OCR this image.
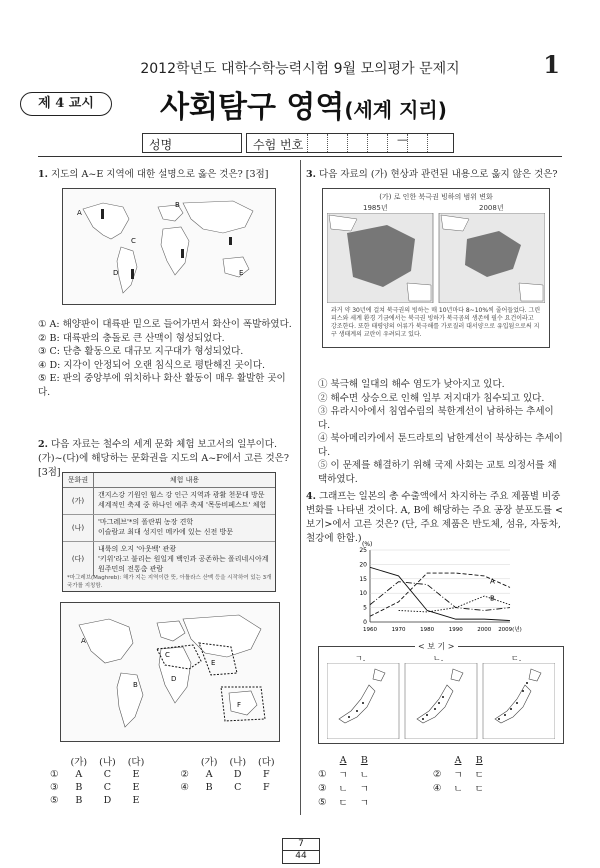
2012학년도 대학수학능력시험 9월 모의평가 문제지	1
제 4 교시	사회탐구 영역(세계 지리)
성명	수험 번호	—
1. 지도의 A~E 지역에 대한 설명으로 옳은 것은? [3점]
A
B
C
D	E
① A: 해양판이 대륙판 밑으로 들어가면서 화산이 폭발하였다.
② B: 대륙판의 충돌로 큰 산맥이 형성되었다.
③ C: 단층 활동으로 대규모 지구대가 형성되었다.
④ D: 지각이 안정되어 오랜 침식으로 평탄해진 곳이다.
⑤ E: 판의 중앙부에 위치하나 화산 활동이 매우 활발한 곳이다.
2. 다음 자료는 철수의 세계 문화 체험 보고서의 일부이다. (가)~(다)에 해당하는 문화권을 지도의 A~F에서 고른 것은? [3점]
문화권	체험 내용
(가)
갠지스강 기원인 힘스 강 인근 지역과 광활 천문대 방문
세계적인 축제 중 하나인 예주 축제 '목동비페스트' 체험
(나)
'마그레브'*의 폴란뷔 농장 견학
이슬람교 최대 성지인 메카에 있는 신전 방문
(다)
내륙의 오지 '아웃백' 관광
'키위'라고 불리는 원일게 백인과 공존하는 폴리네시아계 원주민의 전통춤 관람
*마그레브(Maghreb): 해가 지는 지역이란 뜻, 아틀라스 산맥 등을 시작하여 있는 3개 국가를 지칭함.
A
B
C
D
E
F
	(가)	(나)	(다)			(가)	(나)	(다)
①	A	C	E		②	A	D	F
③	B	C	E		④	B	C	F
⑤	B	D	E					
3. 다음 자료의 (가) 현상과 관련된 내용으로 옳지 않은 것은?
(가) 로 인한 북극권 빙하의 범위 변화
1985년	2008년
과거 약 30년에 걸쳐 북극권의 빙하는 매 10년마다 8~10%씩 줄어들었다. 그린피스와 세계 환경 기금에서는 북극권 빙하가 북극곰의 생존에 필수 요건이라고 강조한다. 또한 태평양의 어류가 북극해를 가로질러 대서양으로 유입됨으로써 지구 생태계의 교란이 우려되고 있다.
① 북극해 일대의 해수 염도가 낮아지고 있다.
② 해수면 상승으로 인해 일부 저지대가 침수되고 있다.
③ 유라시아에서 침엽수림의 북한계선이 남하하는 추세이다.
④ 북아메리카에서 툰드라토의 남한계선이 북상하는 추세이다.
⑤ 이 문제를 해결하기 위해 국제 사회는 교토 의정서를 채택하였다.
4. 그래프는 일본의 총 수출액에서 차지하는 주요 제품별 비중 변화를 나타낸 것이다. A, B에 해당하는 주요 공장 분포도를 <보기>에서 고른 것은? (단, 주요 제품은 반도체, 섬유, 자동차, 철강에 한함.)
(%)
0
5
10
15
20
25
1960	1970	1980	1990	2000 2009(년)
A
B
< 보 기 >
ㄱ.	ㄴ.	ㄷ.
	A	B			A	B
①	ㄱ	ㄴ		②	ㄱ	ㄷ
③	ㄴ	ㄱ		④	ㄴ	ㄷ
⑤	ㄷ	ㄱ				
7
44
